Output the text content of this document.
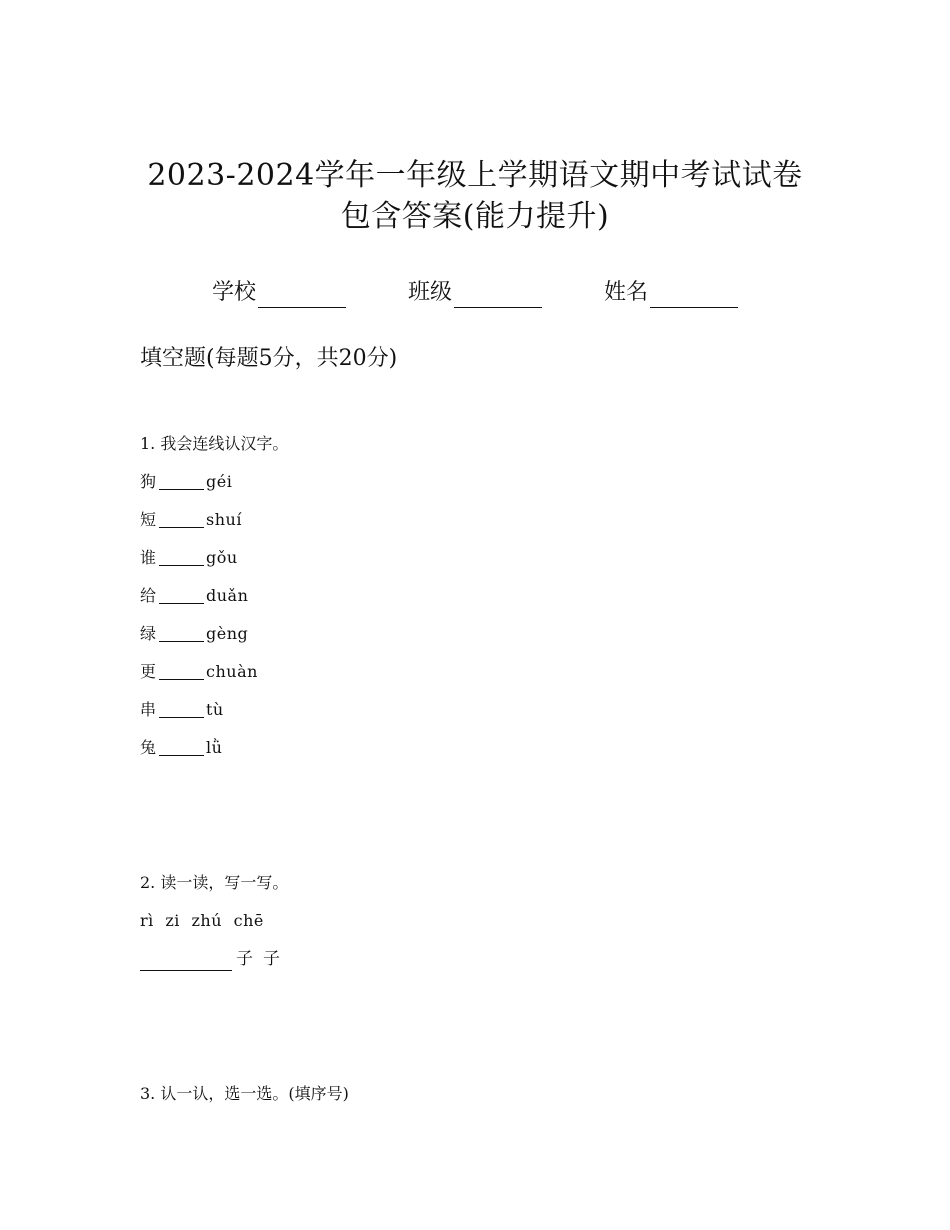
2023-2024学年一年级上学期语文期中考试试卷
包含答案(能力提升)
学校	班级	姓名
填空题(每题5分，共20分)
1. 我会连线认汉字。
狗	géi
短	shuí
谁	gǒu
给	duǎn
绿	gèng
更	chuàn
串	tù
兔	lǜ
2. 读一读，写一写。
rì zi zhú chē
子 子
3. 认一认，选一选。(填序号)
